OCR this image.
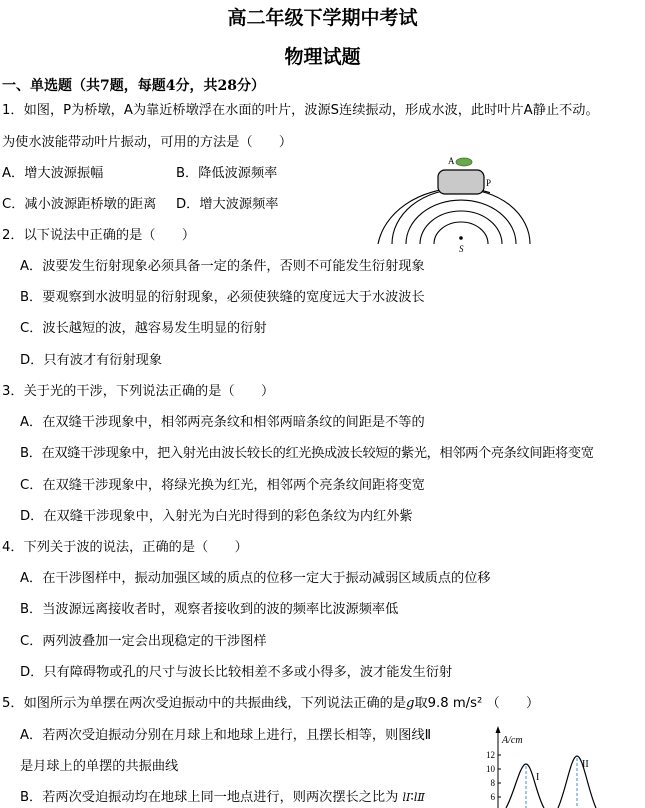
高二年级下学期中考试
物理试题
一、单选题（共7题，每题4分，共28分）
1．如图，P为桥墩，A为靠近桥墩浮在水面的叶片，波源S连续振动，形成水波，此时叶片A静止不动。
为使水波能带动叶片振动，可用的方法是（　　）
A．增大波源振幅	B．降低波源频率
C．减小波源距桥墩的距离 D．增大波源频率
A
P
S
2．以下说法中正确的是（　　）
A．波要发生衍射现象必须具备一定的条件，否则不可能发生衍射现象
B．要观察到水波明显的衍射现象，必须使狭缝的宽度远大于水波波长
C．波长越短的波，越容易发生明显的衍射
D．只有波才有衍射现象
3．关于光的干涉，下列说法正确的是（　　）
A．在双缝干涉现象中，相邻两亮条纹和相邻两暗条纹的间距是不等的
B．在双缝干涉现象中，把入射光由波长较长的红光换成波长较短的紫光，相邻两个亮条纹间距将变宽
C．在双缝干涉现象中，将绿光换为红光，相邻两个亮条纹间距将变宽
D．在双缝干涉现象中，入射光为白光时得到的彩色条纹为内红外紫
4．下列关于波的说法，正确的是（　　）
A．在干涉图样中，振动加强区域的质点的位移一定大于振动减弱区域质点的位移
B．当波源远离接收者时，观察者接收到的波的频率比波源频率低
C．两列波叠加一定会出现稳定的干涉图样
D．只有障碍物或孔的尺寸与波长比较相差不多或小得多，波才能发生衍射
5．如图所示为单摆在两次受迫振动中的共振曲线，下列说法正确的是g取9.8 m/s² （　　）
A．若两次受迫振动分别在月球上和地球上进行，且摆长相等，则图线Ⅱ
是月球上的单摆的共振曲线
B．若两次受迫振动均在地球上同一地点进行，则两次摆长之比为 lⅠ∶lⅡ
A/cm
12
10
8
6
I
II
